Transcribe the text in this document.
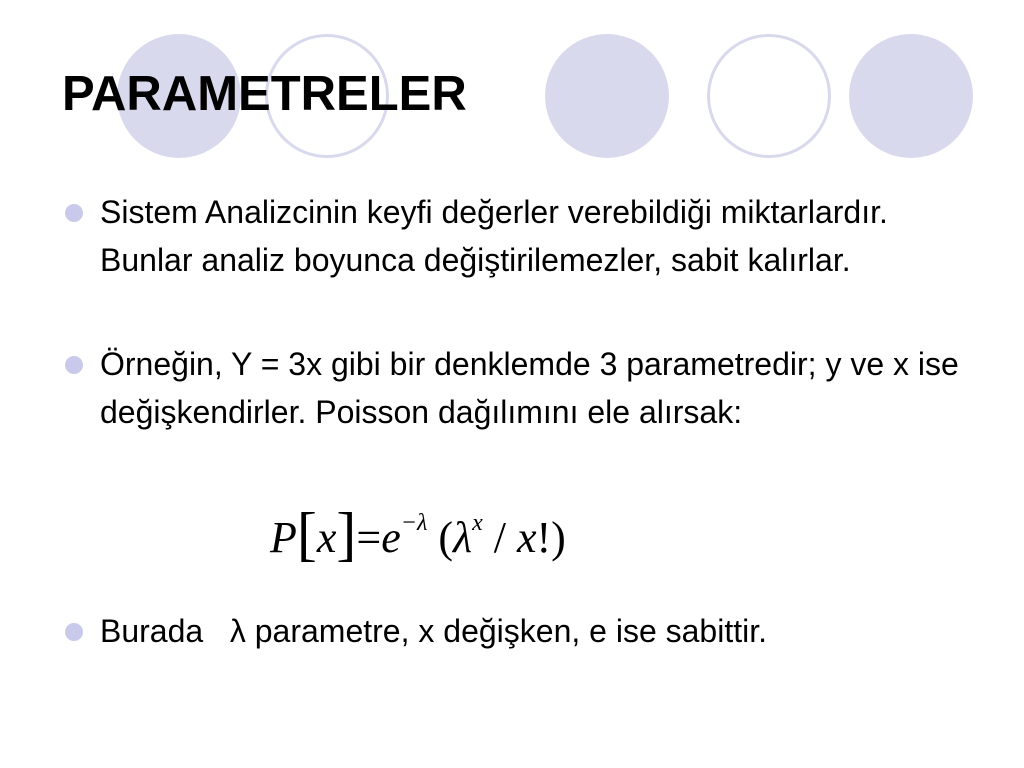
PARAMETRELER
Sistem Analizcinin keyfi değerler verebildiği miktarlardır. Bunlar analiz boyunca değiştirilemezler, sabit kalırlar.
Örneğin, Y = 3x gibi bir denklemde 3 parametredir; y ve x ise değişkendirler. Poisson dağılımını ele alırsak:
$P[x]=e^{-\lambda}$ $(\lambda^x / x!)$
Burada   λ parametre, x değişken, e ise sabittir.
